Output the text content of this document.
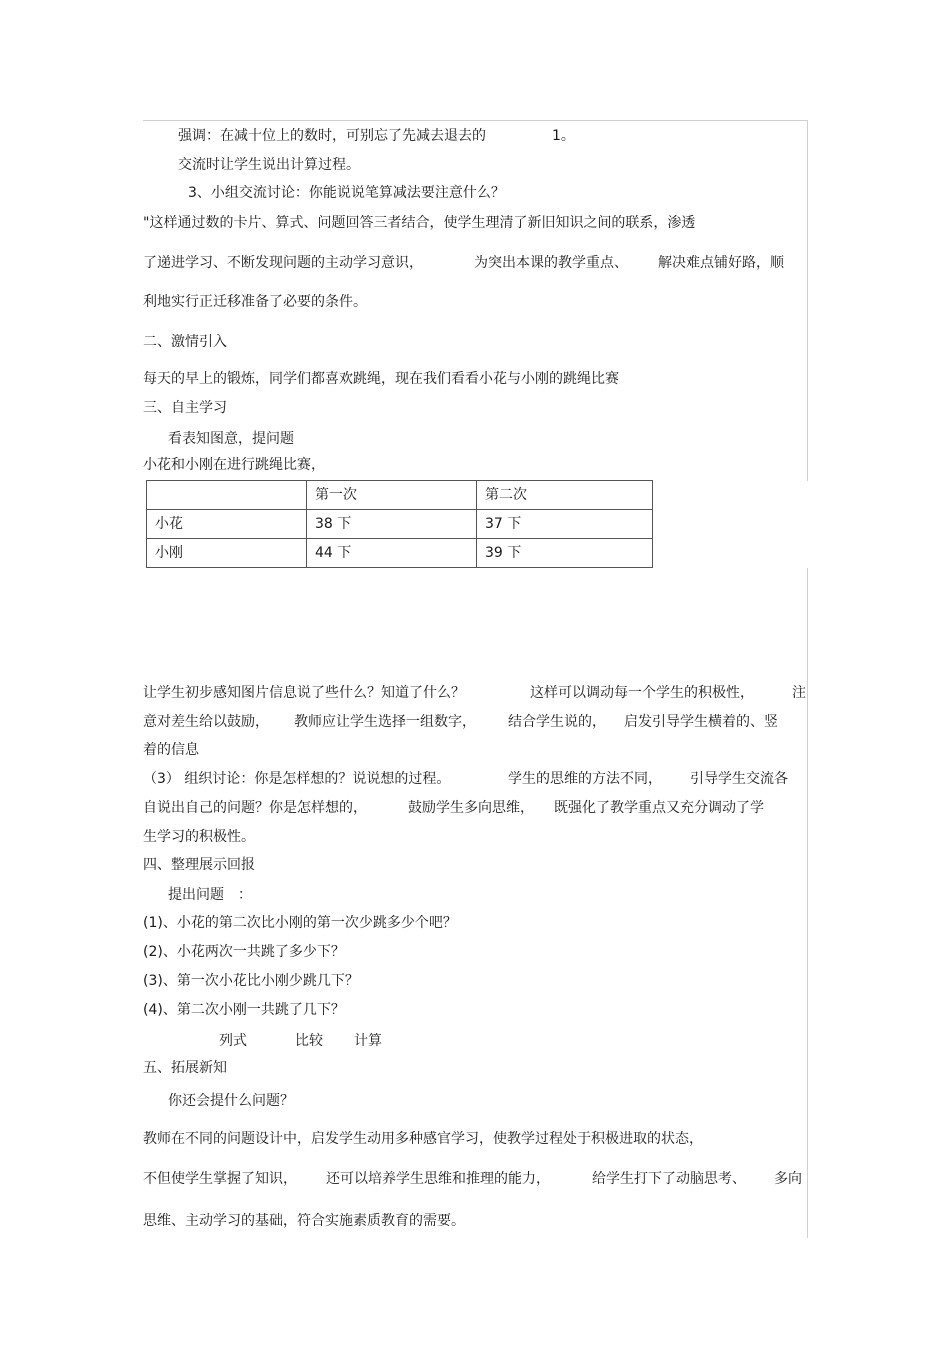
强调：在减十位上的数时，可别忘了先减去退去的	1。
交流时让学生说出计算过程。
3、小组交流讨论：你能说说笔算减法要注意什么？
"这样通过数的卡片、算式、问题回答三者结合，使学生理清了新旧知识之间的联系，渗透
了递进学习、不断发现问题的主动学习意识，	为突出本课的教学重点、 解决难点铺好路，顺
利地实行正迁移准备了必要的条件。
二、激情引入
每天的早上的锻炼，同学们都喜欢跳绳，现在我们看看小花与小刚的跳绳比赛
三、自主学习
看表知图意，提问题
小花和小刚在进行跳绳比赛，
	第一次	第二次
小花	38 下	37 下
小刚	44 下	39 下
让学生初步感知图片信息说了些什么？知道了什么？	这样可以调动每一个学生的积极性，	注
意对差生给以鼓励， 教师应让学生选择一组数字， 结合学生说的， 启发引导学生横着的、竖
着的信息
（3） 组织讨论：你是怎样想的？说说想的过程。	学生的思维的方法不同， 引导学生交流各
自说出自己的问题？你是怎样想的，	鼓励学生多向思维， 既强化了教学重点又充分调动了学
生学习的积极性。
四、整理展示回报
提出问题　：
(1)、小花的第二次比小刚的第一次少跳多少个吧？
(2)、小花两次一共跳了多少下？
(3)、第一次小花比小刚少跳几下？
(4)、第二次小刚一共跳了几下？
列式	比较 计算
五、拓展新知
你还会提什么问题？
教师在不同的问题设计中，启发学生动用多种感官学习，使教学过程处于积极进取的状态，
不但使学生掌握了知识， 还可以培养学生思维和推理的能力，	给学生打下了动脑思考、 多向
思维、主动学习的基础，符合实施素质教育的需要。
